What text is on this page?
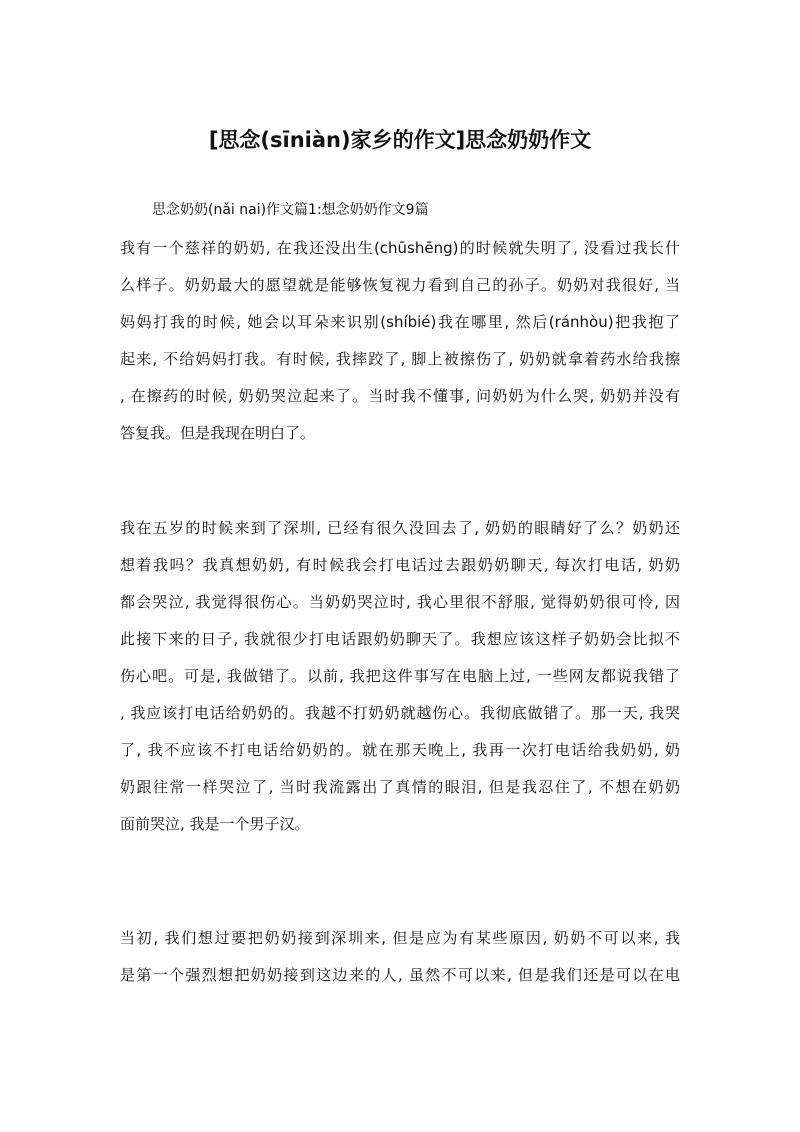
[思念(sīniàn)家乡的作文]思念奶奶作文
思念奶奶(nǎi nai)作文篇1:想念奶奶作文9篇
我有一个慈祥的奶奶, 在我还没出生(chūshēng)的时候就失明了, 没看过我长什
么样子。奶奶最大的愿望就是能够恢复视力看到自己的孙子。奶奶对我很好, 当
妈妈打我的时候, 她会以耳朵来识别(shíbié)我在哪里, 然后(ránhòu)把我抱了
起来, 不给妈妈打我。有时候, 我摔跤了, 脚上被擦伤了, 奶奶就拿着药水给我擦
, 在擦药的时候, 奶奶哭泣起来了。当时我不懂事, 问奶奶为什么哭, 奶奶并没有
答复我。但是我现在明白了。
我在五岁的时候来到了深圳, 已经有很久没回去了, 奶奶的眼睛好了么？奶奶还
想着我吗？我真想奶奶, 有时候我会打电话过去跟奶奶聊天, 每次打电话, 奶奶
都会哭泣, 我觉得很伤心。当奶奶哭泣时, 我心里很不舒服, 觉得奶奶很可怜, 因
此接下来的日子, 我就很少打电话跟奶奶聊天了。我想应该这样子奶奶会比拟不
伤心吧。可是, 我做错了。以前, 我把这件事写在电脑上过, 一些网友都说我错了
, 我应该打电话给奶奶的。我越不打奶奶就越伤心。我彻底做错了。那一天, 我哭
了, 我不应该不打电话给奶奶的。就在那天晚上, 我再一次打电话给我奶奶, 奶
奶跟往常一样哭泣了, 当时我流露出了真情的眼泪, 但是我忍住了, 不想在奶奶
面前哭泣, 我是一个男子汉。
当初, 我们想过要把奶奶接到深圳来, 但是应为有某些原因, 奶奶不可以来, 我
是第一个强烈想把奶奶接到这边来的人, 虽然不可以来, 但是我们还是可以在电
